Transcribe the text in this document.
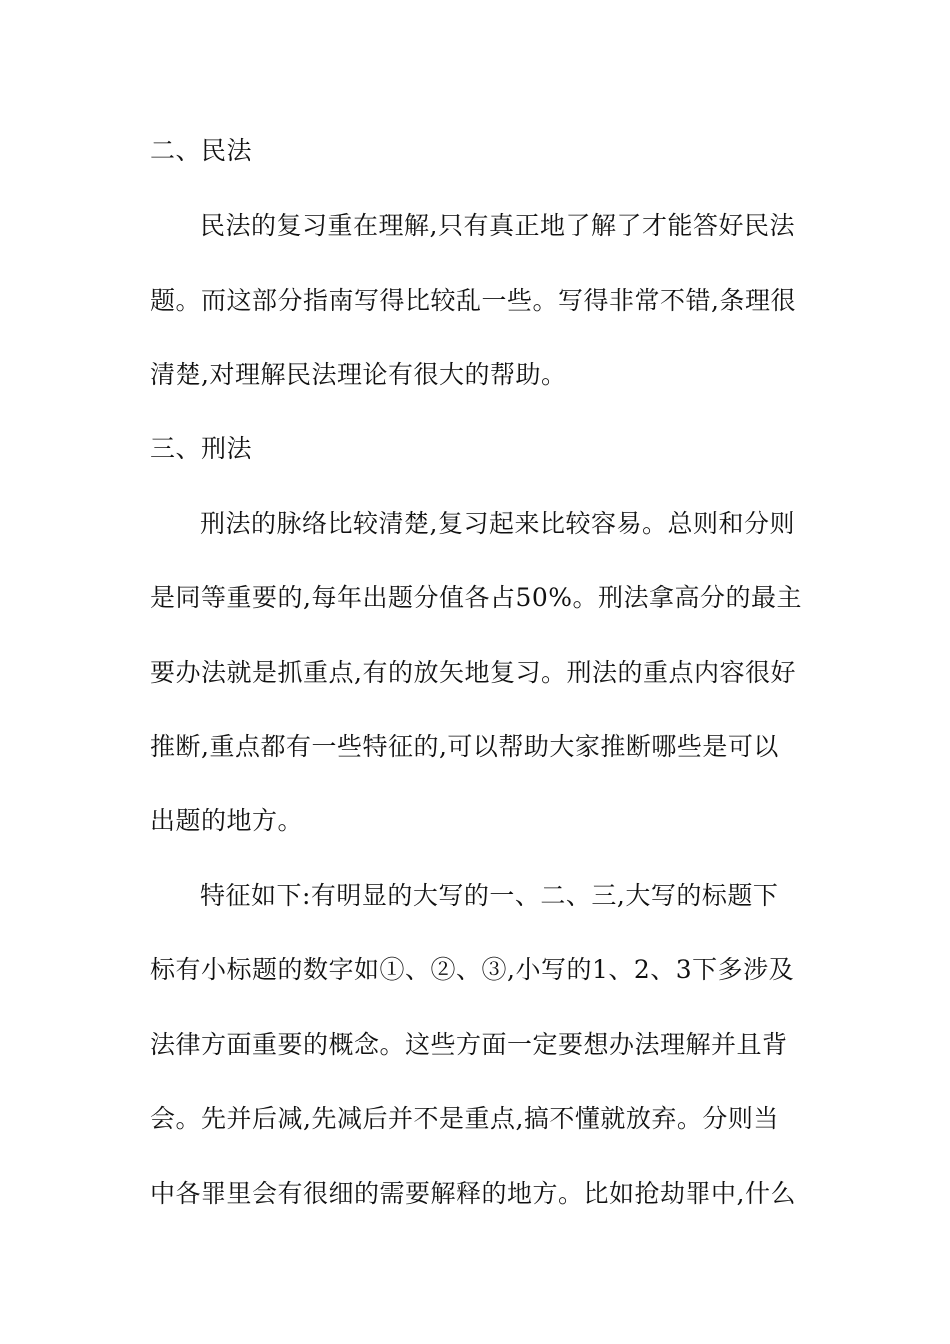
二、民法
民法的复习重在理解,只有真正地了解了才能答好民法
题。而这部分指南写得比较乱一些。写得非常不错,条理很
清楚,对理解民法理论有很大的帮助。
三、刑法
刑法的脉络比较清楚,复习起来比较容易。总则和分则
是同等重要的,每年出题分值各占50%。刑法拿高分的最主
要办法就是抓重点,有的放矢地复习。刑法的重点内容很好
推断,重点都有一些特征的,可以帮助大家推断哪些是可以
出题的地方。
特征如下:有明显的大写的一、二、三,大写的标题下
标有小标题的数字如①、②、③,小写的1、2、3下多涉及
法律方面重要的概念。这些方面一定要想办法理解并且背
会。先并后减,先减后并不是重点,搞不懂就放弃。分则当
中各罪里会有很细的需要解释的地方。比如抢劫罪中,什么
